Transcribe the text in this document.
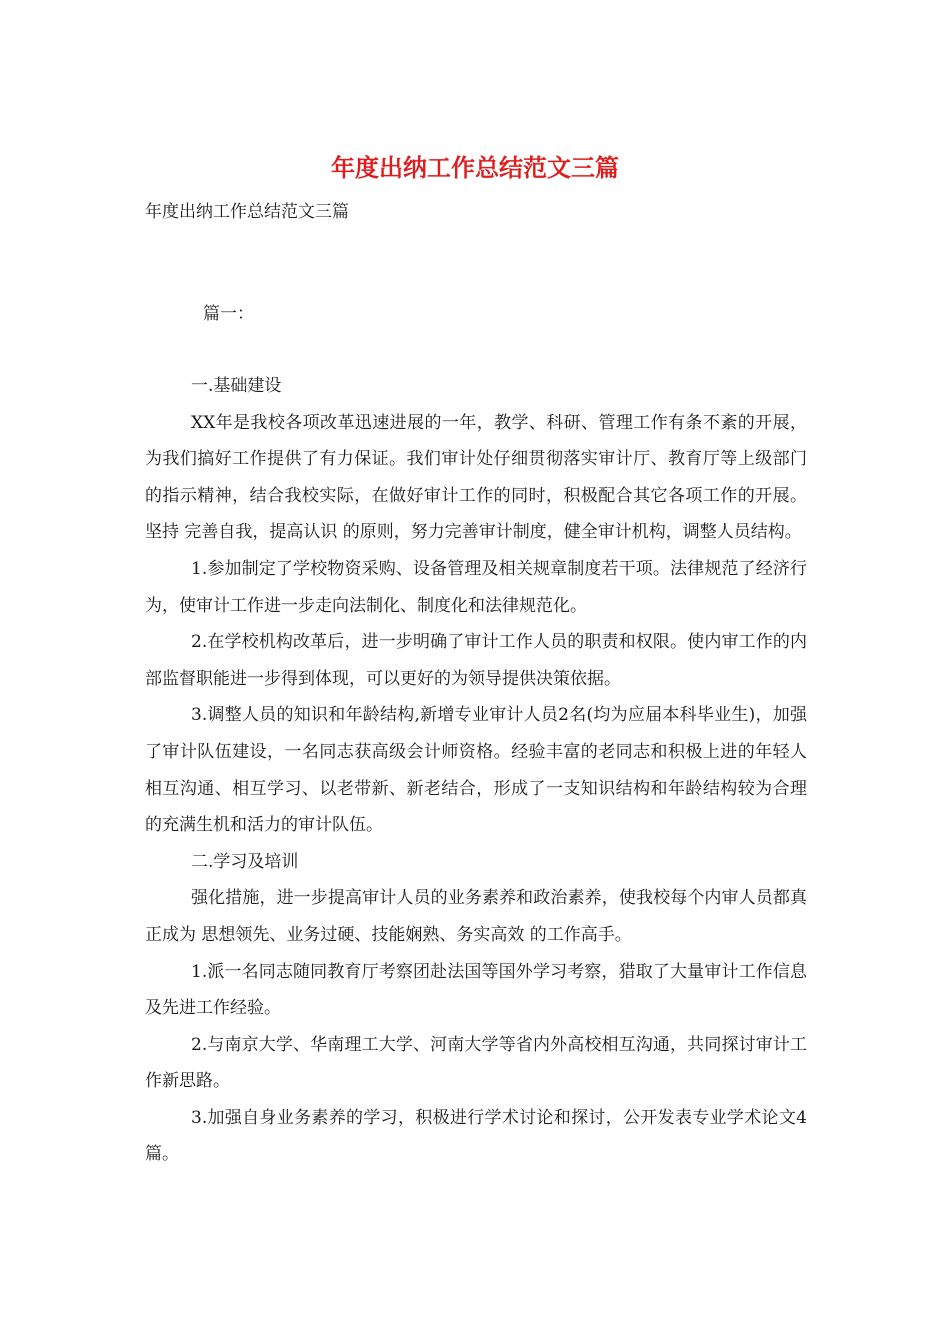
年度出纳工作总结范文三篇

年度出纳工作总结范文三篇

篇一：

一.基础建设

XX年是我校各项改革迅速进展的一年，教学、科研、管理工作有条不紊的开展，为我们搞好工作提供了有力保证。我们审计处仔细贯彻落实审计厅、教育厅等上级部门的指示精神，结合我校实际，在做好审计工作的同时，积极配合其它各项工作的开展。坚持 完善自我，提高认识 的原则，努力完善审计制度，健全审计机构，调整人员结构。

1.参加制定了学校物资采购、设备管理及相关规章制度若干项。法律规范了经济行为，使审计工作进一步走向法制化、制度化和法律规范化。

2.在学校机构改革后，进一步明确了审计工作人员的职责和权限。使内审工作的内部监督职能进一步得到体现，可以更好的为领导提供决策依据。

3.调整人员的知识和年龄结构,新增专业审计人员2名(均为应届本科毕业生)，加强了审计队伍建设，一名同志获高级会计师资格。经验丰富的老同志和积极上进的年轻人相互沟通、相互学习、以老带新、新老结合，形成了一支知识结构和年龄结构较为合理的充满生机和活力的审计队伍。

二.学习及培训

强化措施，进一步提高审计人员的业务素养和政治素养，使我校每个内审人员都真正成为 思想领先、业务过硬、技能娴熟、务实高效 的工作高手。

1.派一名同志随同教育厅考察团赴法国等国外学习考察，猎取了大量审计工作信息及先进工作经验。

2.与南京大学、华南理工大学、河南大学等省内外高校相互沟通，共同探讨审计工作新思路。

3.加强自身业务素养的学习，积极进行学术讨论和探讨，公开发表专业学术论文4篇。
